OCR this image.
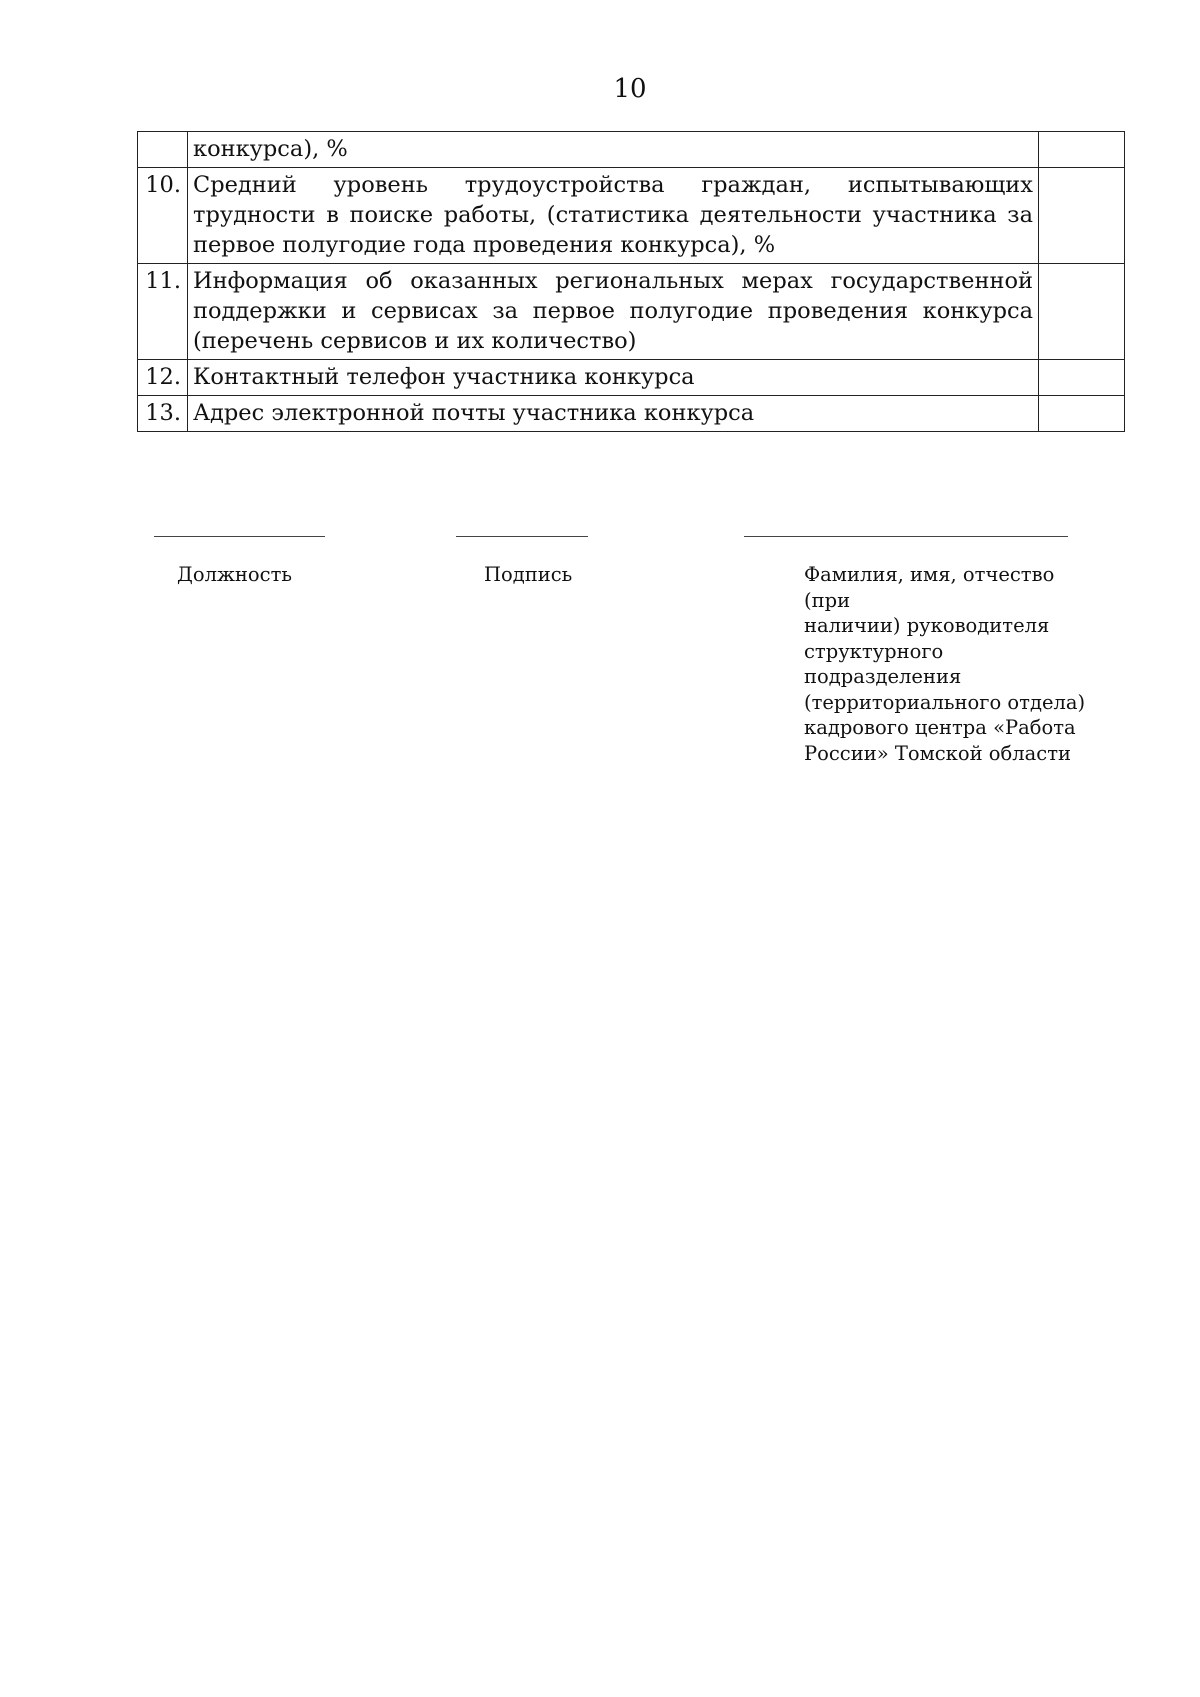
10
	конкурса), %	
10.	Средний уровень трудоустройства граждан, испытывающих трудности в поиске работы, (статистика деятельности участника за первое полугодие года проведения конкурса), %	
11.	Информация об оказанных региональных мерах государственной поддержки и сервисах за первое полугодие проведения конкурса (перечень сервисов и их количество)	
12.	Контактный телефон участника конкурса	
13.	Адрес электронной почты участника конкурса	
Должность	Подпись	Фамилия, имя, отчество (при
наличии) руководителя
структурного подразделения
(территориального отдела)
кадрового центра «Работа
России» Томской области
